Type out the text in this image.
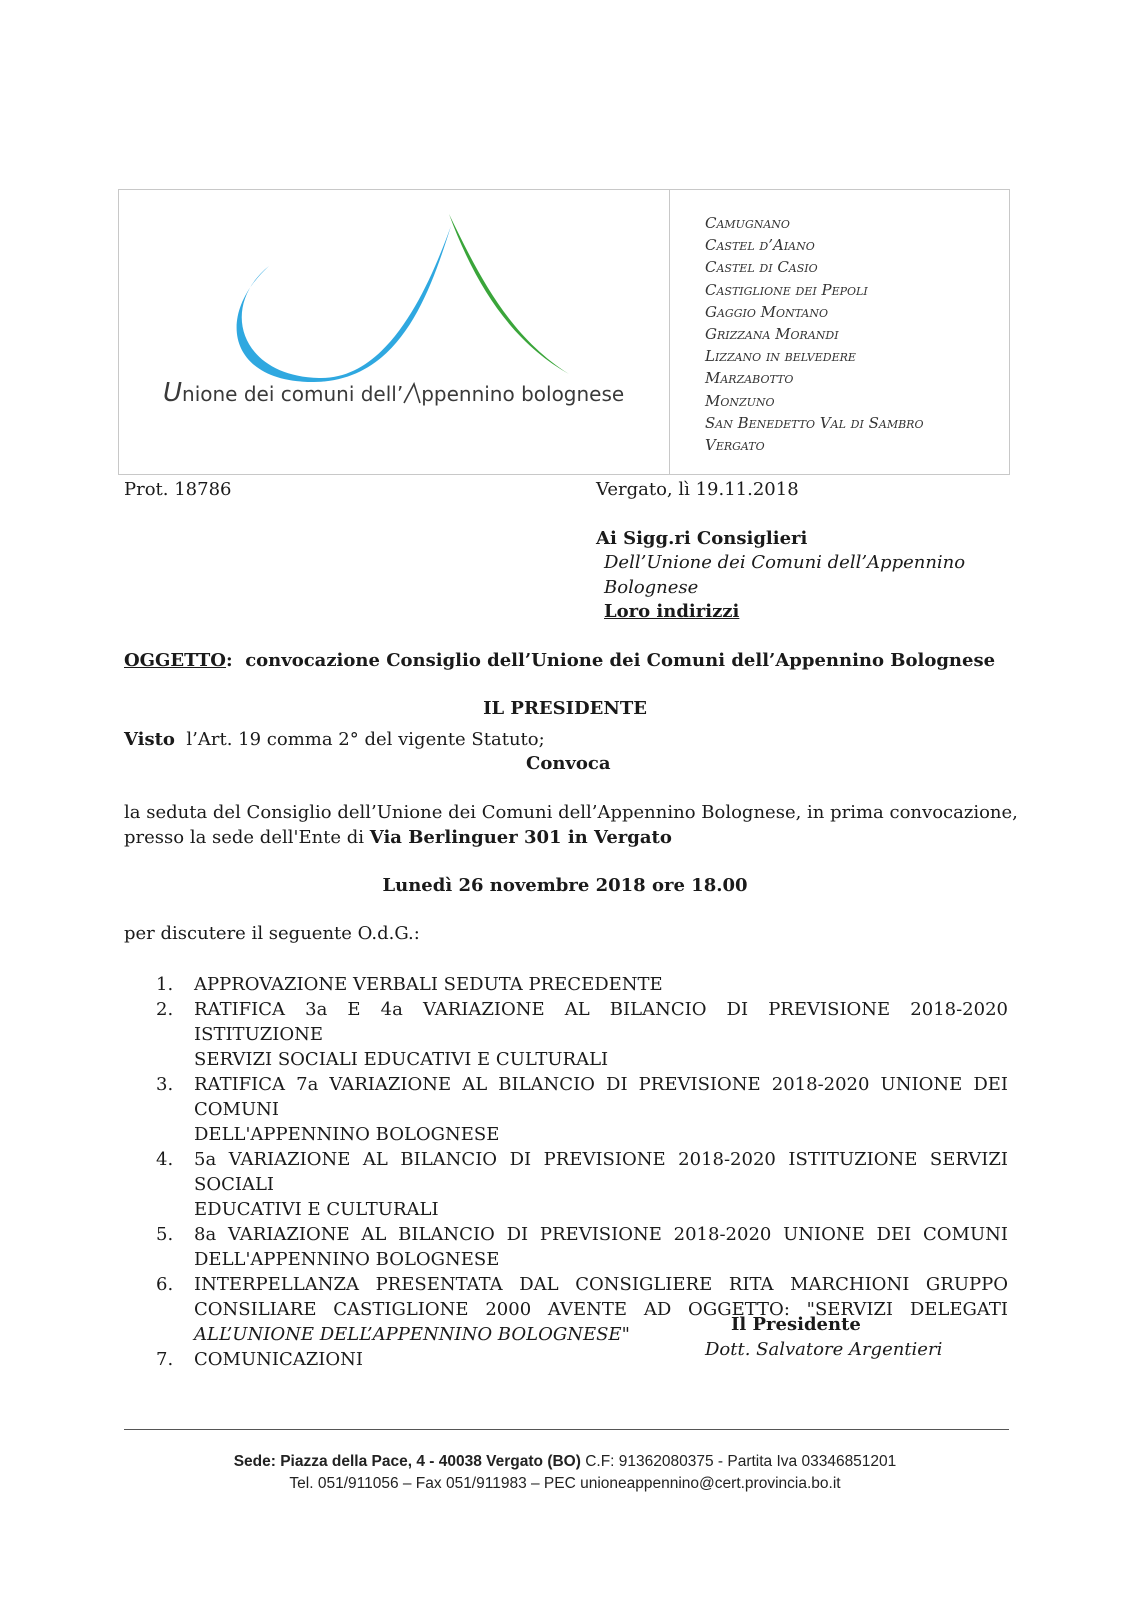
Unione dei comuni dell’ ppennino bolognese
Camugnano
Castel d’Aiano
Castel di Casio
Castiglione dei Pepoli
Gaggio Montano
Grizzana Morandi
Lizzano in belvedere
Marzabotto
Monzuno
San Benedetto Val di Sambro
Vergato
Prot. 18786	Vergato, lì 19.11.2018
Ai Sigg.ri Consiglieri
Dell’Unione dei Comuni dell’Appennino
Bolognese
Loro indirizzi
OGGETTO: convocazione Consiglio dell’Unione dei Comuni dell’Appennino Bolognese
IL PRESIDENTE
Visto l’Art. 19 comma 2° del vigente Statuto;
Convoca
la seduta del Consiglio dell’Unione dei Comuni dell’Appennino Bolognese, in prima convocazione,
presso la sede dell'Ente di Via Berlinguer 301 in Vergato
Lunedì 26 novembre 2018 ore 18.00
per discutere il seguente O.d.G.:
1. APPROVAZIONE VERBALI SEDUTA PRECEDENTE
2. RATIFICA 3a E 4a VARIAZIONE AL BILANCIO DI PREVISIONE 2018-2020 ISTITUZIONE
SERVIZI SOCIALI EDUCATIVI E CULTURALI
3. RATIFICA 7a VARIAZIONE AL BILANCIO DI PREVISIONE 2018-2020 UNIONE DEI COMUNI
DELL'APPENNINO BOLOGNESE
4. 5a VARIAZIONE AL BILANCIO DI PREVISIONE 2018-2020 ISTITUZIONE SERVIZI SOCIALI
EDUCATIVI E CULTURALI
5. 8a VARIAZIONE AL BILANCIO DI PREVISIONE 2018-2020 UNIONE DEI COMUNI
DELL'APPENNINO BOLOGNESE
6. INTERPELLANZA PRESENTATA DAL CONSIGLIERE RITA MARCHIONI GRUPPO
CONSILIARE CASTIGLIONE 2000 AVENTE AD OGGETTO: "SERVIZI DELEGATI
ALL’UNIONE DELL’APPENNINO BOLOGNESE"
7. COMUNICAZIONI
Il Presidente
Dott. Salvatore Argentieri
Sede: Piazza della Pace, 4 - 40038 Vergato (BO) C.F: 91362080375 - Partita Iva 03346851201
Tel. 051/911056 – Fax 051/911983 – PEC unioneappennino@cert.provincia.bo.it
